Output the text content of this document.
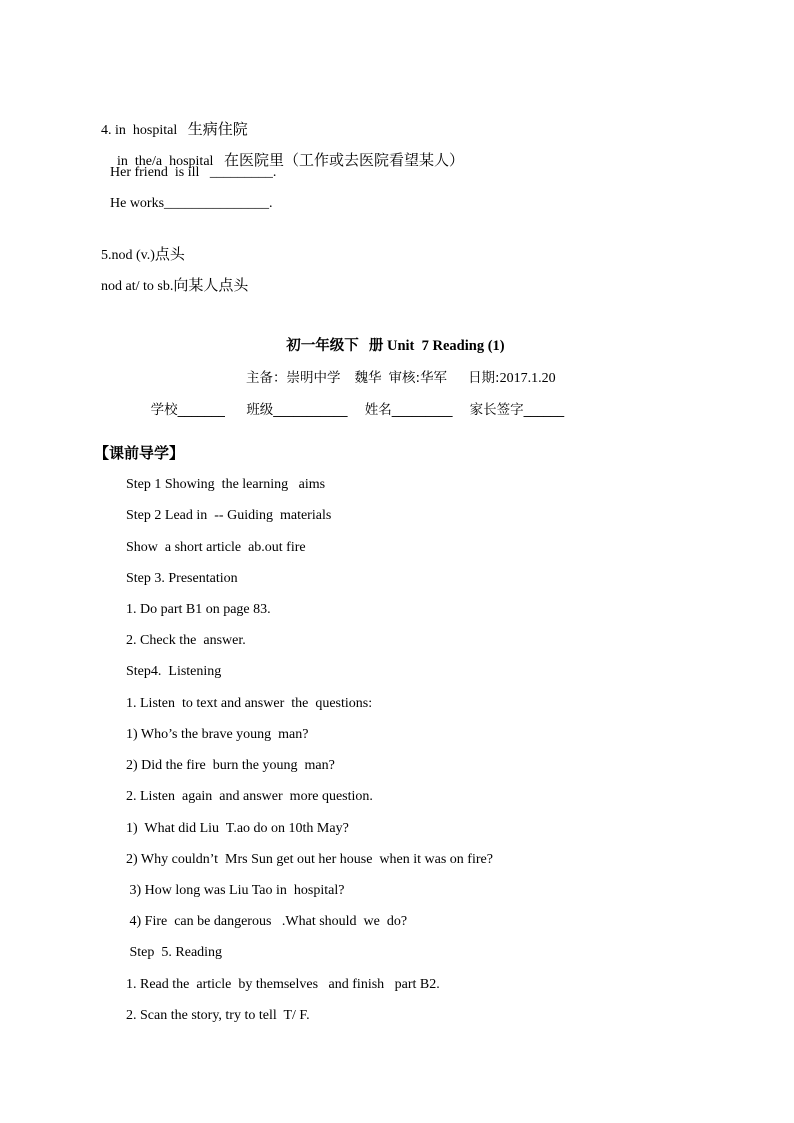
4. in  hospital 生病住院

in  the/a  hospital 在医院里（工作或去医院看望某人）

Her friend  is ill   _________.
He works_______________.

5.nod (v.)点头

nod at/ to sb.向某人点头

初一年级下  册 Unit  7 Reading (1)

主备：崇明中学 魏华 审核:华军 日期:2017.1.20

学校_______ 班级___________ 姓名_________ 家长签字______

【课前导学】
Step 1 Showing  the learning   aims
Step 2 Lead in  -- Guiding  materials
Show  a short article  ab.out fire
Step 3. Presentation
1. Do part B1 on page 83.
2. Check the  answer.
Step4.  Listening
1. Listen  to text and answer  the  questions:
1) Who’s the brave young  man?
2) Did the fire  burn the young  man?
2. Listen  again  and answer  more question.
1)  What did Liu  T.ao do on 10th May?
2) Why couldn’t  Mrs Sun get out her house  when it was on fire?
3) How long was Liu Tao in  hospital?
4) Fire  can be dangerous   .What should  we  do?
Step  5. Reading
1. Read the  article  by themselves   and finish   part B2.
2. Scan the story, try to tell  T/ F.
